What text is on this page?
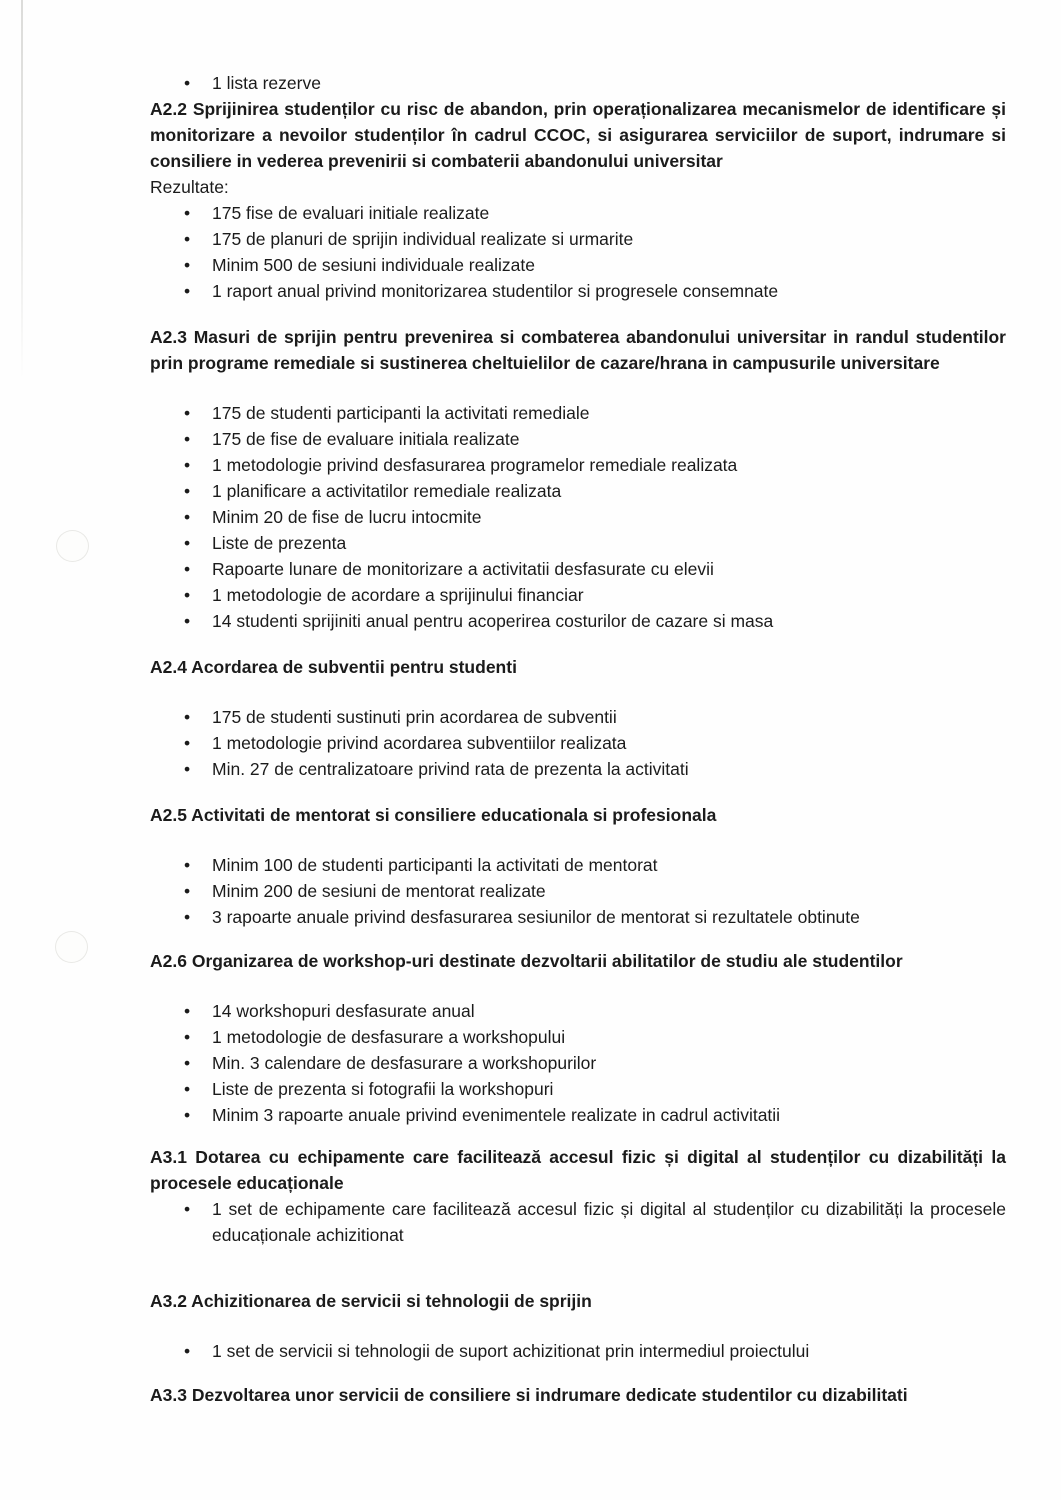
• 1 lista rezerve

A2.2 Sprijinirea studenților cu risc de abandon, prin operaționalizarea mecanismelor de identificare și monitorizare a nevoilor studenților în cadrul CCOC, si asigurarea serviciilor de suport, indrumare si consiliere in vederea prevenirii si combaterii abandonului universitar

Rezultate:

• 175 fise de evaluari initiale realizate
• 175 de planuri de sprijin individual realizate si urmarite
• Minim 500 de sesiuni individuale realizate
• 1 raport anual privind monitorizarea studentilor si progresele consemnate

A2.3 Masuri de sprijin pentru prevenirea si combaterea abandonului universitar in randul studentilor prin programe remediale si sustinerea cheltuielilor de cazare/hrana in campusurile universitare

• 175 de studenti participanti la activitati remediale
• 175 de fise de evaluare initiala realizate
• 1 metodologie privind desfasurarea programelor remediale realizata
• 1 planificare a activitatilor remediale realizata
• Minim 20 de fise de lucru intocmite
• Liste de prezenta
• Rapoarte lunare de monitorizare a activitatii desfasurate cu elevii
• 1 metodologie de acordare a sprijinului financiar
• 14 studenti sprijiniti anual pentru acoperirea costurilor de cazare si masa

A2.4 Acordarea de subventii pentru studenti

• 175 de studenti sustinuti prin acordarea de subventii
• 1 metodologie privind acordarea subventiilor realizata
• Min. 27 de centralizatoare privind rata de prezenta la activitati

A2.5 Activitati de mentorat si consiliere educationala si profesionala

• Minim 100 de studenti participanti la activitati de mentorat
• Minim 200 de sesiuni de mentorat realizate
• 3 rapoarte anuale privind desfasurarea sesiunilor de mentorat si rezultatele obtinute

A2.6 Organizarea de workshop-uri destinate dezvoltarii abilitatilor de studiu ale studentilor

• 14 workshopuri desfasurate anual
• 1 metodologie de desfasurare a workshopului
• Min. 3 calendare de desfasurare a workshopurilor
• Liste de prezenta si fotografii la workshopuri
• Minim 3 rapoarte anuale privind evenimentele realizate in cadrul activitatii

A3.1 Dotarea cu echipamente care facilitează accesul fizic și digital al studenților cu dizabilități la procesele educaționale

• 1 set de echipamente care facilitează accesul fizic și digital al studenților cu dizabilități la procesele educaționale achizitionat

A3.2 Achizitionarea de servicii si tehnologii de sprijin

• 1 set de servicii si tehnologii de suport achizitionat prin intermediul proiectului

A3.3 Dezvoltarea unor servicii de consiliere si indrumare dedicate studentilor cu dizabilitati
